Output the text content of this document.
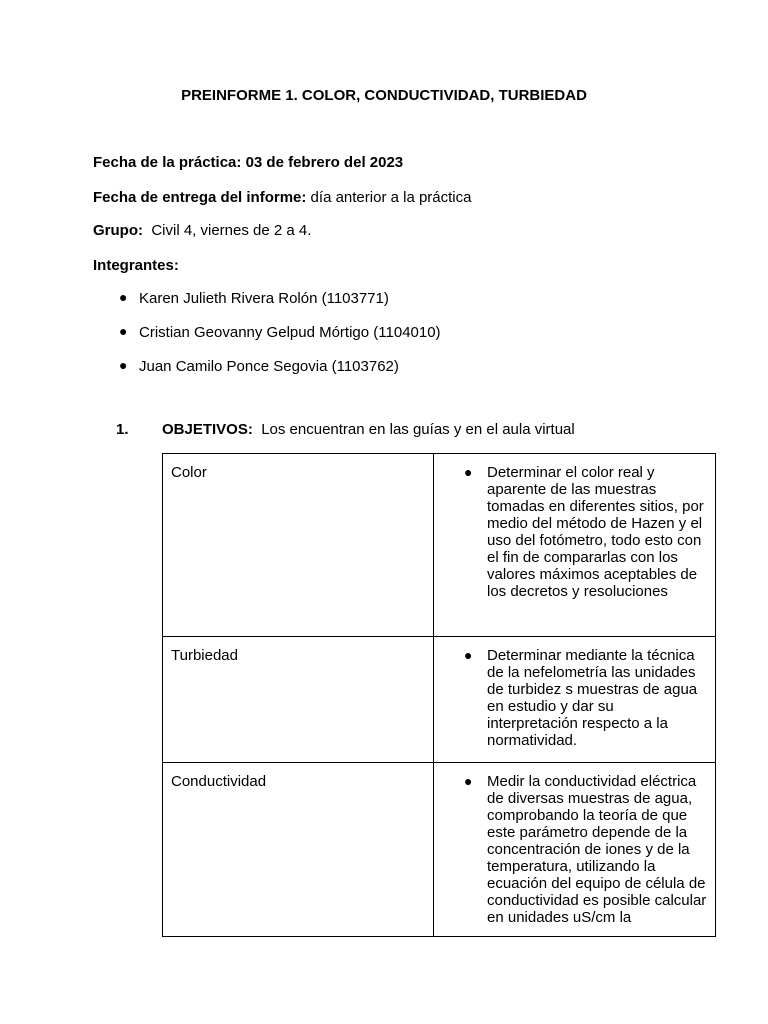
PREINFORME 1. COLOR, CONDUCTIVIDAD, TURBIEDAD
Fecha de la práctica: 03 de febrero del 2023
Fecha de entrega del informe: día anterior a la práctica
Grupo:  Civil 4, viernes de 2 a 4.
Integrantes:
● Karen Julieth Rivera Rolón (1103771)
● Cristian Geovanny Gelpud Mórtigo (1104010)
● Juan Camilo Ponce Segovia (1103762)
1. OBJETIVOS:  Los encuentran en las guías y en el aula virtual
Color	● Determinar el color real y aparente de las muestras tomadas en diferentes sitios, por medio del método de Hazen y el uso del fotómetro, todo esto con el fin de compararlas con los valores máximos aceptables de los decretos y resoluciones

Turbiedad	● Determinar mediante la técnica de la nefelometría las unidades de turbidez s muestras de agua en estudio y dar su interpretación respecto a la normatividad.

Conductividad	● Medir la conductividad eléctrica de diversas muestras de agua, comprobando la teoría de que este parámetro depende de la concentración de iones y de la temperatura, utilizando la ecuación del equipo de célula de conductividad es posible calcular en unidades uS/cm la
